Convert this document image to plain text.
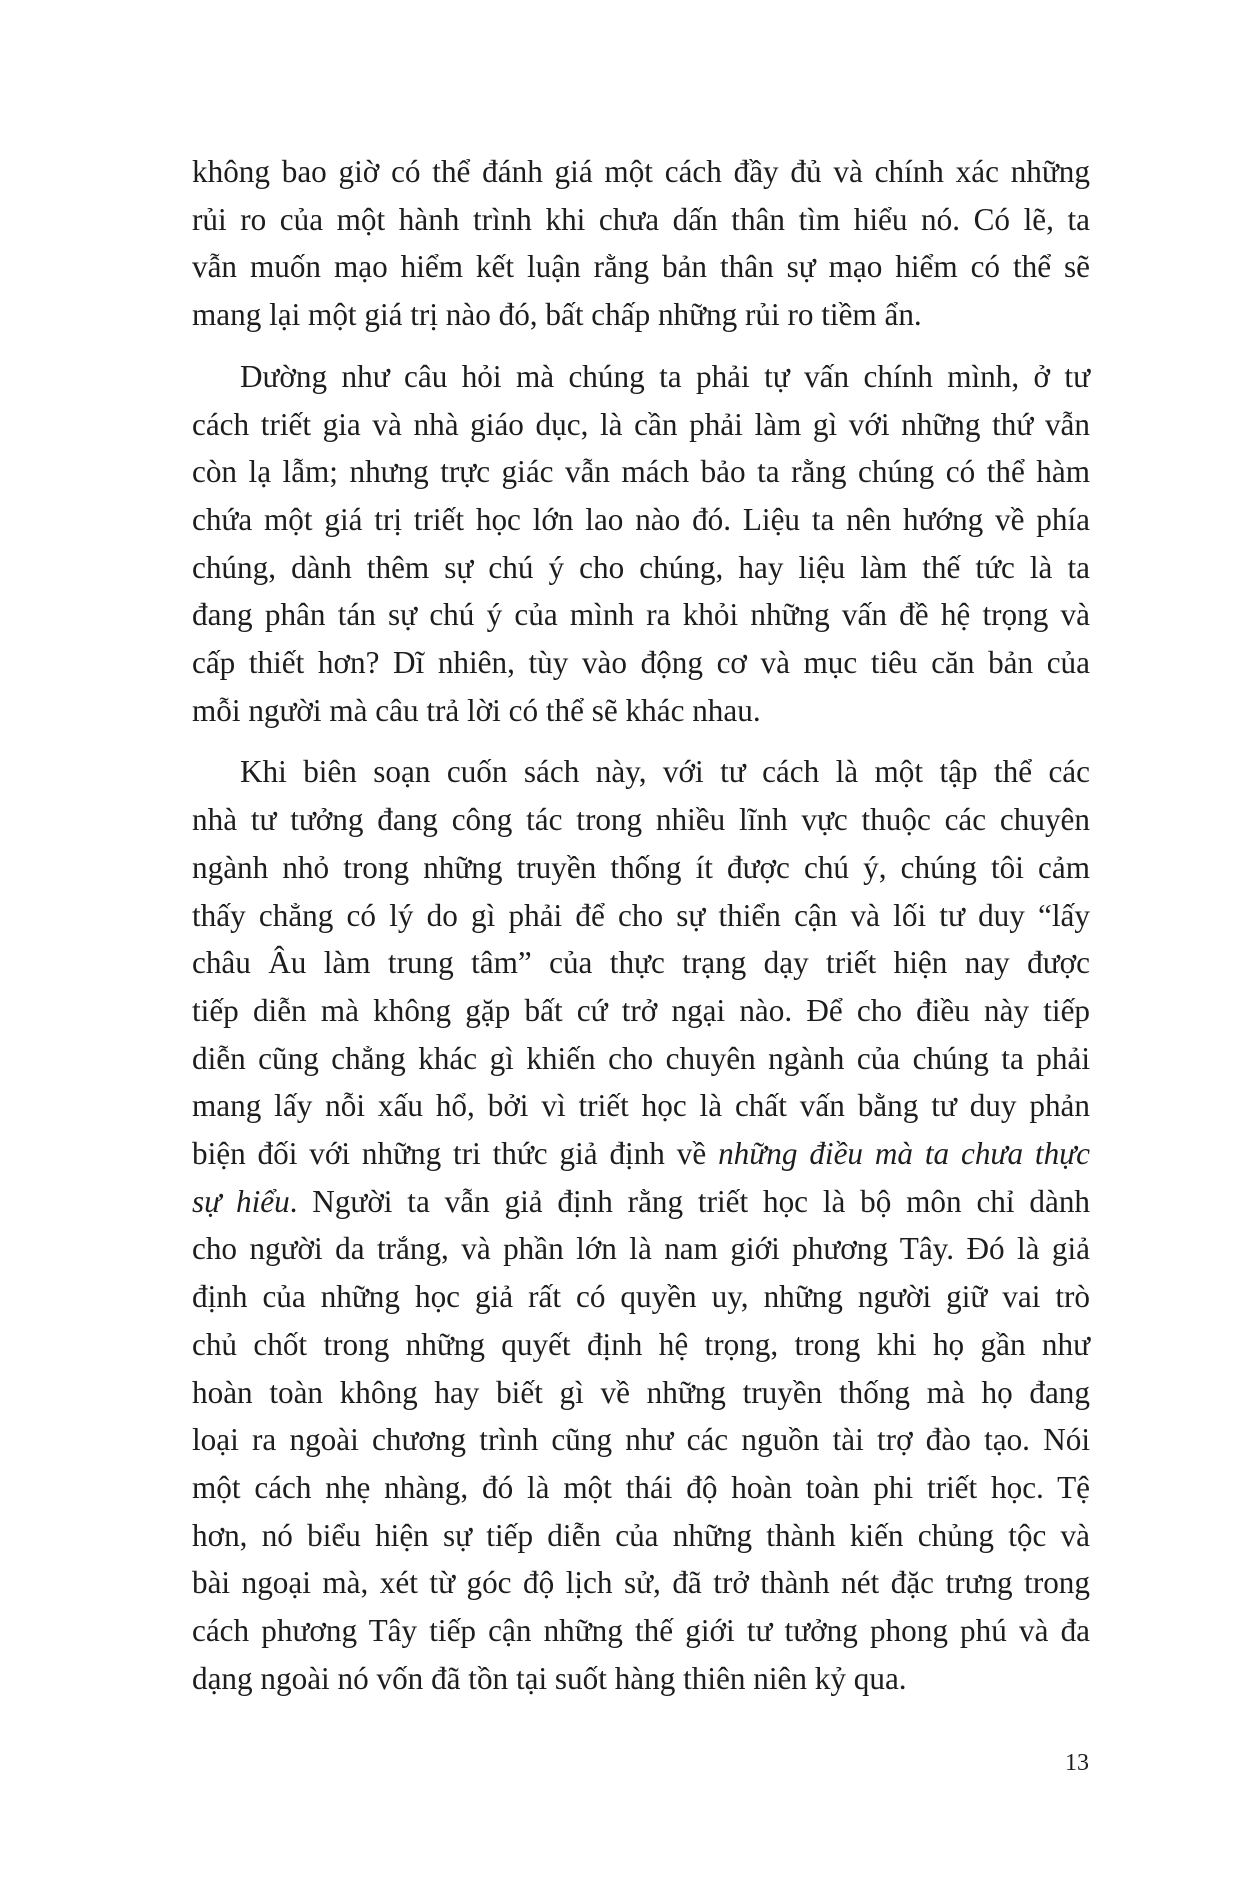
không bao giờ có thể đánh giá một cách đầy đủ và chính xác những
rủi ro của một hành trình khi chưa dấn thân tìm hiểu nó. Có lẽ, ta
vẫn muốn mạo hiểm kết luận rằng bản thân sự mạo hiểm có thể sẽ
mang lại một giá trị nào đó, bất chấp những rủi ro tiềm ẩn.

Dường như câu hỏi mà chúng ta phải tự vấn chính mình, ở tư
cách triết gia và nhà giáo dục, là cần phải làm gì với những thứ vẫn
còn lạ lẫm; nhưng trực giác vẫn mách bảo ta rằng chúng có thể hàm
chứa một giá trị triết học lớn lao nào đó. Liệu ta nên hướng về phía
chúng, dành thêm sự chú ý cho chúng, hay liệu làm thế tức là ta
đang phân tán sự chú ý của mình ra khỏi những vấn đề hệ trọng và
cấp thiết hơn? Dĩ nhiên, tùy vào động cơ và mục tiêu căn bản của
mỗi người mà câu trả lời có thể sẽ khác nhau.

Khi biên soạn cuốn sách này, với tư cách là một tập thể các
nhà tư tưởng đang công tác trong nhiều lĩnh vực thuộc các chuyên
ngành nhỏ trong những truyền thống ít được chú ý, chúng tôi cảm
thấy chẳng có lý do gì phải để cho sự thiển cận và lối tư duy “lấy
châu Âu làm trung tâm” của thực trạng dạy triết hiện nay được
tiếp diễn mà không gặp bất cứ trở ngại nào. Để cho điều này tiếp
diễn cũng chẳng khác gì khiến cho chuyên ngành của chúng ta phải
mang lấy nỗi xấu hổ, bởi vì triết học là chất vấn bằng tư duy phản
biện đối với những tri thức giả định về những điều mà ta chưa thực
sự hiểu. Người ta vẫn giả định rằng triết học là bộ môn chỉ dành
cho người da trắng, và phần lớn là nam giới phương Tây. Đó là giả
định của những học giả rất có quyền uy, những người giữ vai trò
chủ chốt trong những quyết định hệ trọng, trong khi họ gần như
hoàn toàn không hay biết gì về những truyền thống mà họ đang
loại ra ngoài chương trình cũng như các nguồn tài trợ đào tạo. Nói
một cách nhẹ nhàng, đó là một thái độ hoàn toàn phi triết học. Tệ
hơn, nó biểu hiện sự tiếp diễn của những thành kiến chủng tộc và
bài ngoại mà, xét từ góc độ lịch sử, đã trở thành nét đặc trưng trong
cách phương Tây tiếp cận những thế giới tư tưởng phong phú và đa
dạng ngoài nó vốn đã tồn tại suốt hàng thiên niên kỷ qua.

13
